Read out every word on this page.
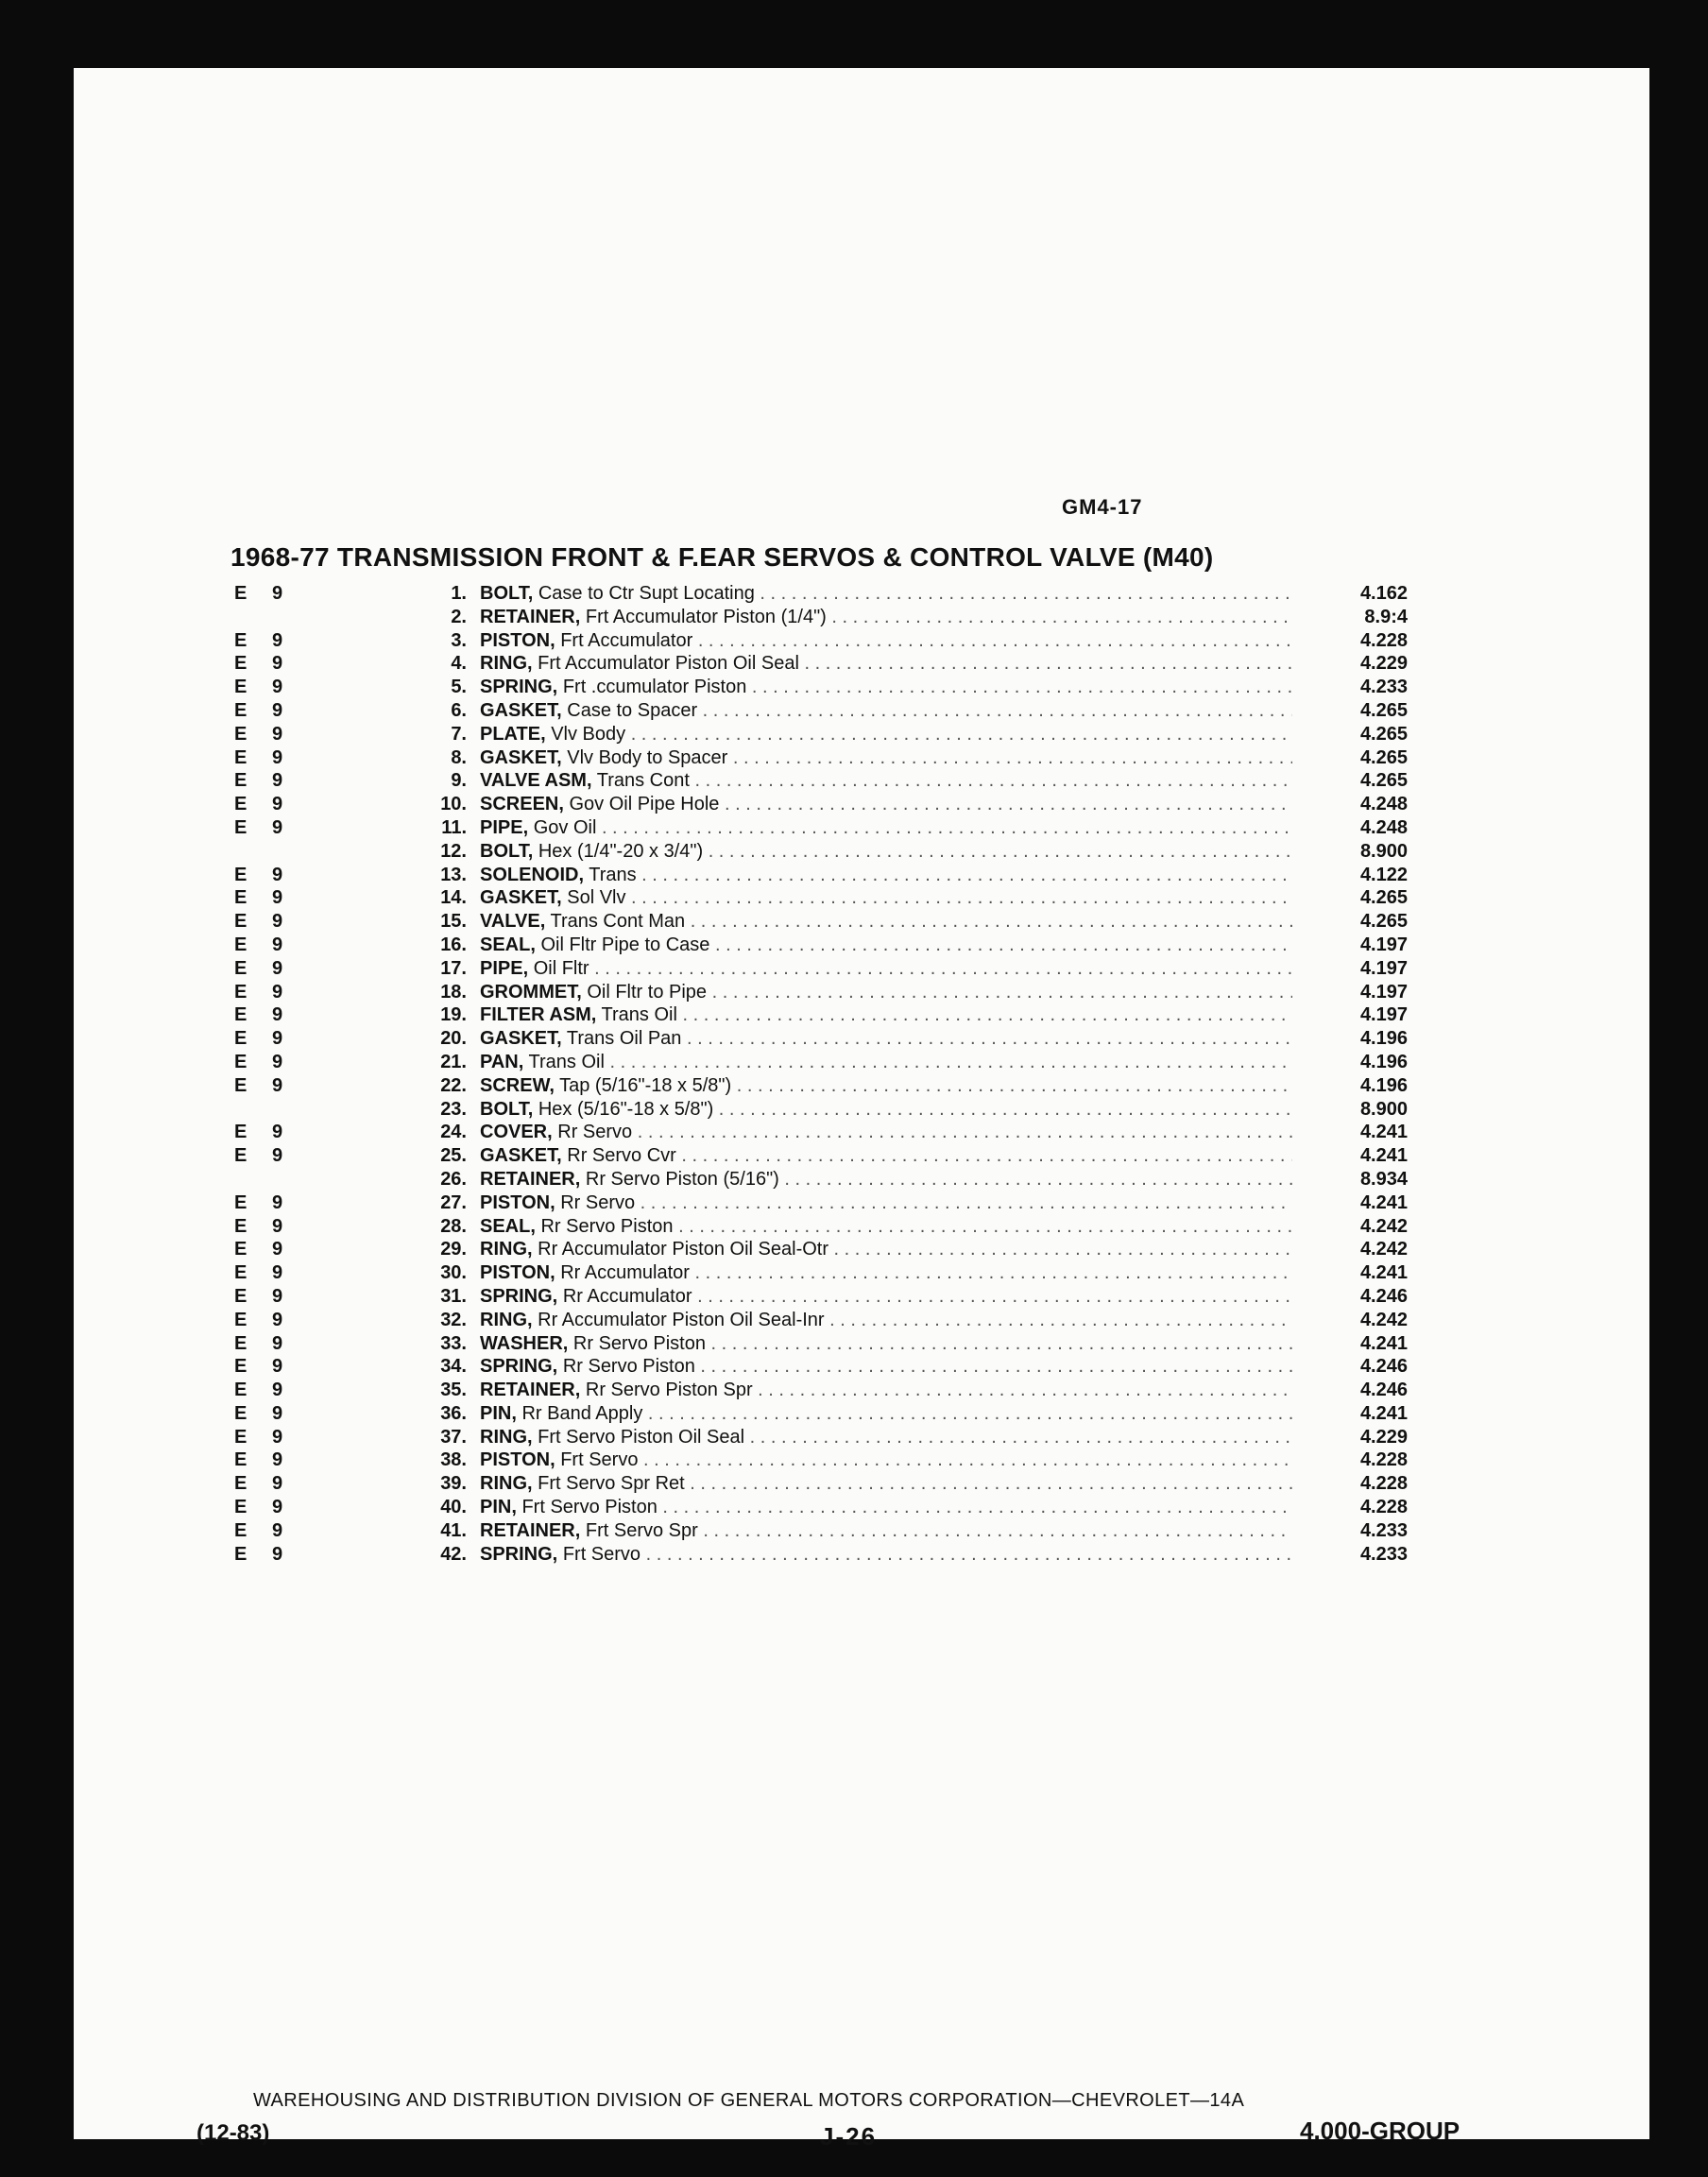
GM4-17
1968-77 TRANSMISSION FRONT & F.EAR SERVOS & CONTROL VALVE (M40)
E	9	1. BOLT, Case to Ctr Supt Locating . . .	4.162
2. RETAINER, Frt Accumulator Piston (1/4") . . .	8.9:4
E	9	3. PISTON, Frt Accumulator . . .	4.228
E	9	4. RING, Frt Accumulator Piston Oil Seal . . .	4.229
E	9	5. SPRING, Frt .ccumulator Piston . . .	4.233
E	9	6. GASKET, Case to Spacer . . .	4.265
E	9	7. PLATE, Vlv Body . . .	4.265
E	9	8. GASKET, Vlv Body to Spacer . . .	4.265
E	9	9. VALVE ASM, Trans Cont . . .	4.265
E	9	10. SCREEN, Gov Oil Pipe Hole . . .	4.248
E	9	11. PIPE, Gov Oil . . .	4.248
12. BOLT, Hex (1/4"-20 x 3/4") . . .	8.900
E	9	13. SOLENOID, Trans . . .	4.122
E	9	14. GASKET, Sol Vlv . . .	4.265
E	9	15. VALVE, Trans Cont Man . . .	4.265
E	9	16. SEAL, Oil Fltr Pipe to Case . . .	4.197
E	9	17. PIPE, Oil Fltr . . .	4.197
E	9	18. GROMMET, Oil Fltr to Pipe . . .	4.197
E	9	19. FILTER ASM, Trans Oil . . .	4.197
E	9	20. GASKET, Trans Oil Pan . . .	4.196
E	9	21. PAN, Trans Oil . . .	4.196
E	9	22. SCREW, Tap (5/16"-18 x 5/8") . . .	4.196
23. BOLT, Hex (5/16"-18 x 5/8") . . .	8.900
E	9	24. COVER, Rr Servo . . .	4.241
E	9	25. GASKET, Rr Servo Cvr . . .	4.241
26. RETAINER, Rr Servo Piston (5/16") . . .	8.934
E	9	27. PISTON, Rr Servo . . .	4.241
E	9	28. SEAL, Rr Servo Piston . . .	4.242
E	9	29. RING, Rr Accumulator Piston Oil Seal-Otr . . .	4.242
E	9	30. PISTON, Rr Accumulator . . .	4.241
E	9	31. SPRING, Rr Accumulator . . .	4.246
E	9	32. RING, Rr Accumulator Piston Oil Seal-Inr . . .	4.242
E	9	33. WASHER, Rr Servo Piston . . .	4.241
E	9	34. SPRING, Rr Servo Piston . . .	4.246
E	9	35. RETAINER, Rr Servo Piston Spr . . .	4.246
E	9	36. PIN, Rr Band Apply . . .	4.241
E	9	37. RING, Frt Servo Piston Oil Seal . . .	4.229
E	9	38. PISTON, Frt Servo . . .	4.228
E	9	39. RING, Frt Servo Spr Ret . . .	4.228
E	9	40. PIN, Frt Servo Piston . . .	4.228
E	9	41. RETAINER, Frt Servo Spr . . .	4.233
E	9	42. SPRING, Frt Servo . . .	4.233
WAREHOUSING AND DISTRIBUTION DIVISION OF GENERAL MOTORS CORPORATION—CHEVROLET—14A
(12-83)	J-26	4.000-GROUP
